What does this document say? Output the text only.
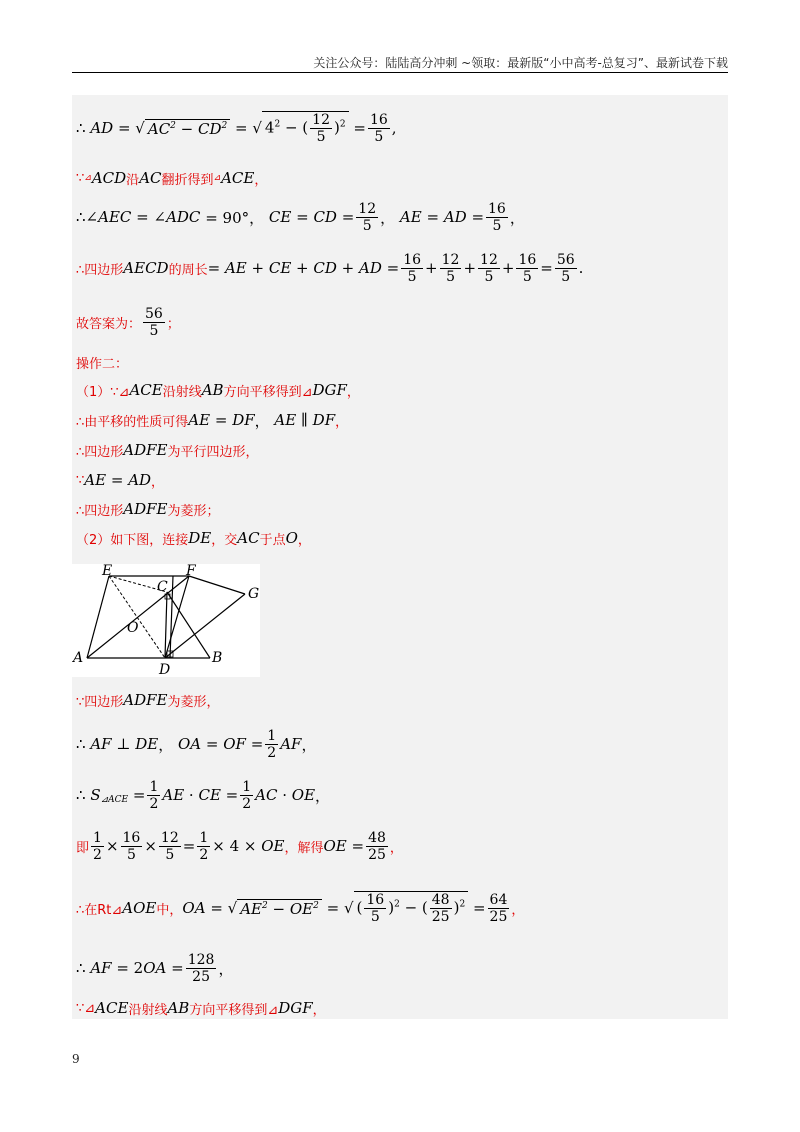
关注公众号：陆陆高分冲刺 ~领取：最新版“小中高考-总复习”、最新试卷下载
∴ AD = √ $AC^2 - CD^2$ = √ $4^2$ − ( $\frac{12}{5} )^2 = \frac{16}{5}$ ,
∵ ⊿ ACD 沿 AC 翻折得到 ⊿ ACE ，
∴∠ AEC = ∠ ADC = 90°， CE = CD = $\frac{12}{5}$ ， AE = AD = $\frac{16}{5}$ ，
∴四边形 AECD 的周长 = AE + CE + CD + AD = $\frac{16}{5} + \frac{12}{5} + \frac{12}{5} + \frac{16}{5} = \frac{56}{5}$ .
故答案为： $\frac{56}{5}$ ；
操作二：
（1）∵⊿ ACE 沿射线 AB 方向平移得到⊿ DGF ，
∴由平移的性质可得 AE = DF ， AE ∥ DF ，
∴四边形 ADFE 为平行四边形，
∵ AE = AD ，
∴四边形 ADFE 为菱形；
（2）如下图，连接 DE ，交 AC 于点 O ，
E	F
C	G
O
A
D
B
∵四边形 ADFE 为菱形，
∴ AF ⊥ DE ， OA = OF = $\frac{1}{2}$ AF ，
∴ S ⊿ACE = $\frac{1}{2}$ AE · CE = $\frac{1}{2}$ AC · OE ，
即 $\frac{1}{2} \times \frac{16}{5} \times \frac{12}{5} = \frac{1}{2} \times 4$ × OE ，解得 OE = $\frac{48}{25}$ ，
∴在Rt⊿ AOE 中， OA = √ $AE^2 - OE^2$ = √ ( $\frac{16}{5} )^2$ − ( $\frac{48}{25} )^2 = \frac{64}{25}$ ，
∴ AF = 2 OA = $\frac{128}{25}$ ，
∵⊿ ACE 沿射线 AB 方向平移得到⊿ DGF ，
9
